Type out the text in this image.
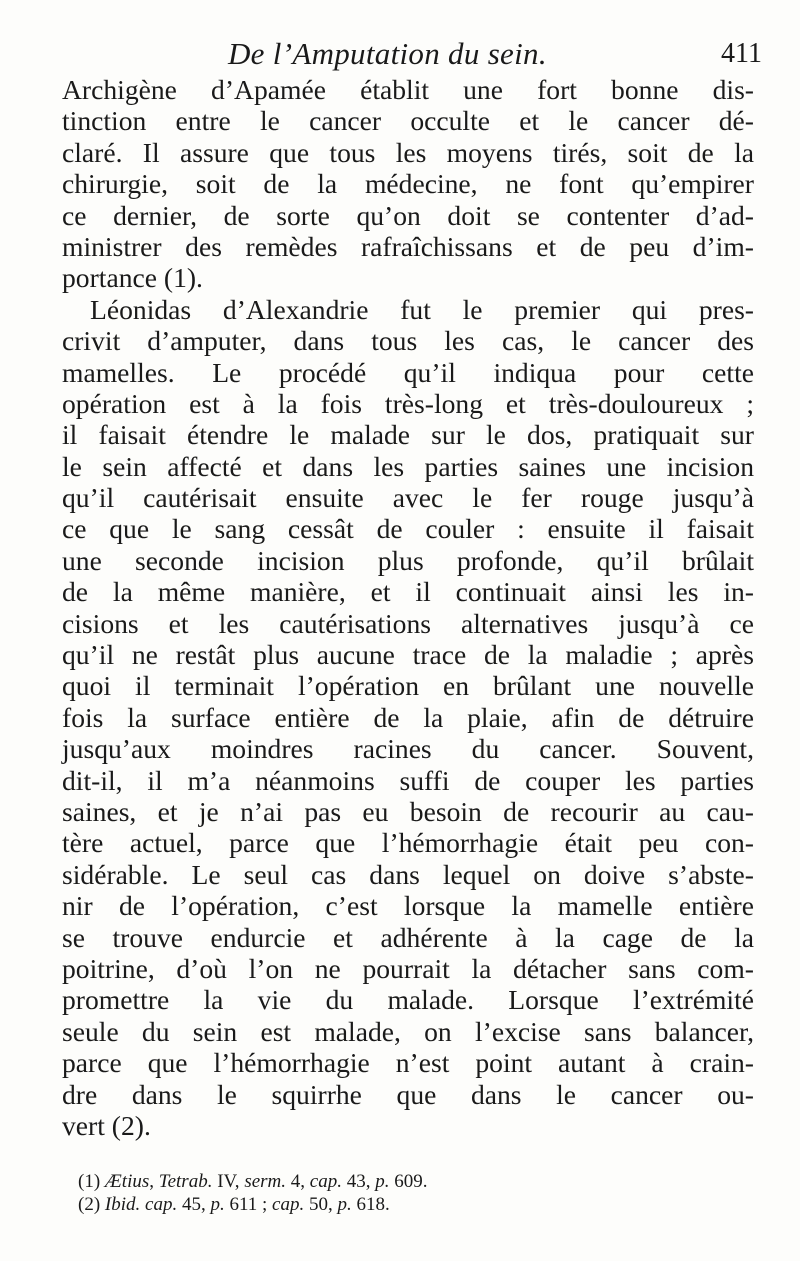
De l’Amputation du sein.	411
Archigène d’Apamée établit une fort bonne dis-
tinction entre le cancer occulte et le cancer dé-
claré. Il assure que tous les moyens tirés, soit de la
chirurgie, soit de la médecine, ne font qu’empirer
ce dernier, de sorte qu’on doit se contenter d’ad-
ministrer des remèdes rafraîchissans et de peu d’im-
portance (1).
Léonidas d’Alexandrie fut le premier qui pres-
crivit d’amputer, dans tous les cas, le cancer des
mamelles. Le procédé qu’il indiqua pour cette
opération est à la fois très-long et très-douloureux ;
il faisait étendre le malade sur le dos, pratiquait sur
le sein affecté et dans les parties saines une incision
qu’il cautérisait ensuite avec le fer rouge jusqu’à
ce que le sang cessât de couler : ensuite il faisait
une seconde incision plus profonde, qu’il brûlait
de la même manière, et il continuait ainsi les in-
cisions et les cautérisations alternatives jusqu’à ce
qu’il ne restât plus aucune trace de la maladie ; après
quoi il terminait l’opération en brûlant une nouvelle
fois la surface entière de la plaie, afin de détruire
jusqu’aux moindres racines du cancer. Souvent,
dit-il, il m’a néanmoins suffi de couper les parties
saines, et je n’ai pas eu besoin de recourir au cau-
tère actuel, parce que l’hémorrhagie était peu con-
sidérable. Le seul cas dans lequel on doive s’abste-
nir de l’opération, c’est lorsque la mamelle entière
se trouve endurcie et adhérente à la cage de la
poitrine, d’où l’on ne pourrait la détacher sans com-
promettre la vie du malade. Lorsque l’extrémité
seule du sein est malade, on l’excise sans balancer,
parce que l’hémorrhagie n’est point autant à crain-
dre dans le squirrhe que dans le cancer ou-
vert (2).
(1) Ætius, Tetrab. IV, serm. 4, cap. 43, p. 609.
(2) Ibid. cap. 45, p. 611 ; cap. 50, p. 618.
